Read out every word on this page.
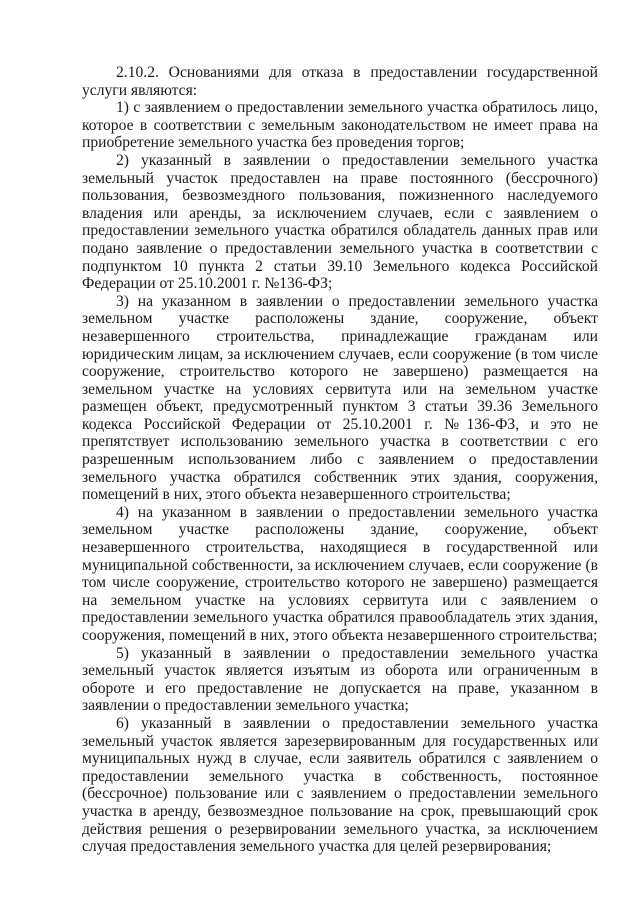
2.10.2. Основаниями для отказа в предоставлении государственной услуги являются:

1) с заявлением о предоставлении земельного участка обратилось лицо, которое в соответствии с земельным законодательством не имеет права на приобретение земельного участка без проведения торгов;

2) указанный в заявлении о предоставлении земельного участка земельный участок предоставлен на праве постоянного (бессрочного) пользования, безвозмездного пользования, пожизненного наследуемого владения или аренды, за исключением случаев, если с заявлением о предоставлении земельного участка обратился обладатель данных прав или подано заявление о предоставлении земельного участка в соответствии с подпунктом 10 пункта 2 статьи 39.10 Земельного кодекса Российской Федерации от 25.10.2001 г. №136-ФЗ;

3) на указанном в заявлении о предоставлении земельного участка земельном участке расположены здание, сооружение, объект незавершенного строительства, принадлежащие гражданам или юридическим лицам, за исключением случаев, если сооружение (в том числе сооружение, строительство которого не завершено) размещается на земельном участке на условиях сервитута или на земельном участке размещен объект, предусмотренный пунктом 3 статьи 39.36 Земельного кодекса Российской Федерации от 25.10.2001 г. №136-ФЗ, и это не препятствует использованию земельного участка в соответствии с его разрешенным использованием либо с заявлением о предоставлении земельного участка обратился собственник этих здания, сооружения, помещений в них, этого объекта незавершенного строительства;

4) на указанном в заявлении о предоставлении земельного участка земельном участке расположены здание, сооружение, объект незавершенного строительства, находящиеся в государственной или муниципальной собственности, за исключением случаев, если сооружение (в том числе сооружение, строительство которого не завершено) размещается на земельном участке на условиях сервитута или с заявлением о предоставлении земельного участка обратился правообладатель этих здания, сооружения, помещений в них, этого объекта незавершенного строительства;

5) указанный в заявлении о предоставлении земельного участка земельный участок является изъятым из оборота или ограниченным в обороте и его предоставление не допускается на праве, указанном в заявлении о предоставлении земельного участка;

6) указанный в заявлении о предоставлении земельного участка земельный участок является зарезервированным для государственных или муниципальных нужд в случае, если заявитель обратился с заявлением о предоставлении земельного участка в собственность, постоянное (бессрочное) пользование или с заявлением о предоставлении земельного участка в аренду, безвозмездное пользование на срок, превышающий срок действия решения о резервировании земельного участка, за исключением случая предоставления земельного участка для целей резервирования;
